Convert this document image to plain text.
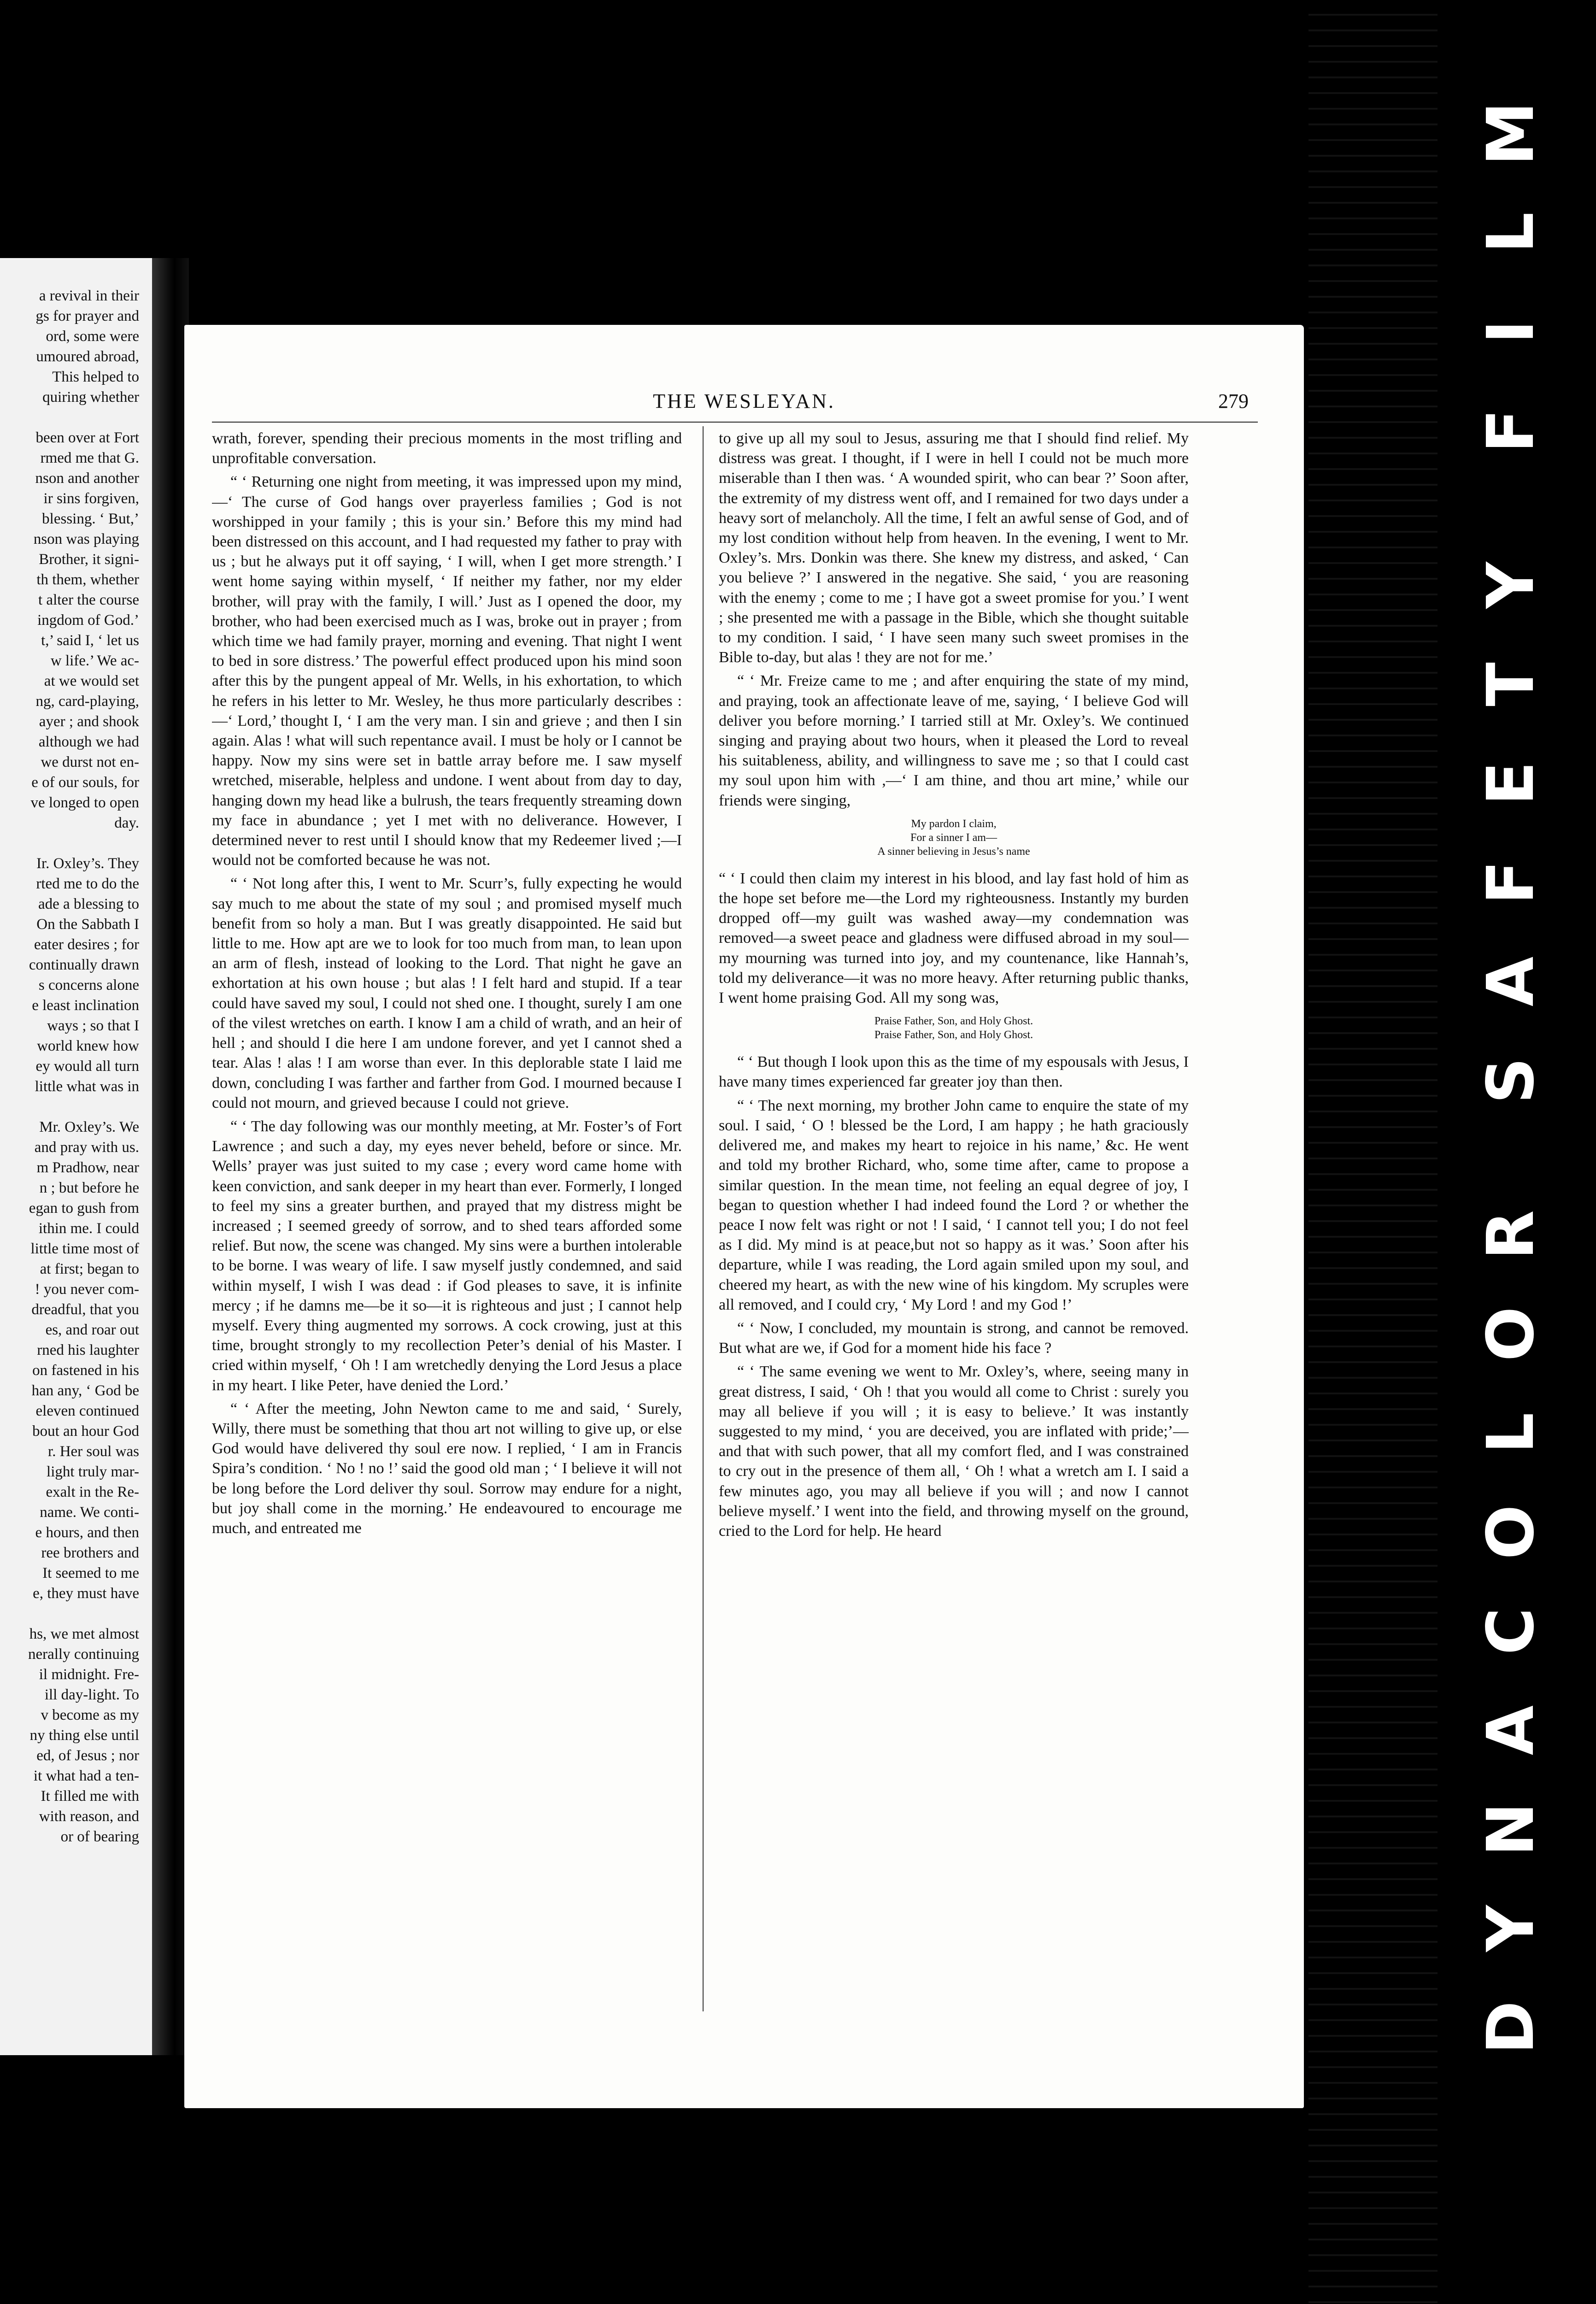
a revival in their
gs for prayer and
ord, some were
umoured abroad,
This helped to
quiring whether
been over at Fort
rmed me that G.
nson and another
ir sins forgiven,
blessing. ‘ But,’
nson was playing
Brother, it signi-
th them, whether
t alter the course
ingdom of God.’
t,’ said I, ‘ let us
w life.’ We ac-
at we would set
ng, card-playing,
ayer ; and shook
although we had
we durst not en-
e of our souls, for
ve longed to open
day.
Ir. Oxley’s. They
rted me to do the
ade a blessing to
On the Sabbath I
eater desires ; for
continually drawn
s concerns alone
e least inclination
ways ; so that I
world knew how
ey would all turn
little what was in
Mr. Oxley’s. We
and pray with us.
m Pradhow, near
n ; but before he
egan to gush from
ithin me. I could
little time most of
at first; began to
! you never com-
dreadful, that you
es, and roar out
rned his laughter
on fastened in his
han any, ‘ God be
eleven continued
bout an hour God
r. Her soul was
light truly mar-
exalt in the Re-
name. We conti-
e hours, and then
ree brothers and
It seemed to me
e, they must have
hs, we met almost
nerally continuing
il midnight. Fre-
ill day-light. To
v become as my
ny thing else until
ed, of Jesus ; nor
it what had a ten-
It filled me with
with reason, and
or of bearing
THE WESLEYAN.	279

wrath, forever, spending their precious moments in the most trifling and unprofitable conversation.

“ ‘ Returning one night from meeting, it was impressed upon my mind,—‘ The curse of God hangs over prayerless families ; God is not worshipped in your family ; this is your sin.’ Before this my mind had been distressed on this account, and I had requested my father to pray with us ; but he always put it off saying, ‘ I will, when I get more strength.’ I went home saying within myself, ‘ If neither my father, nor my elder brother, will pray with the family, I will.’ Just as I opened the door, my brother, who had been exercised much as I was, broke out in prayer ; from which time we had family prayer, morning and evening. That night I went to bed in sore distress.’ The powerful effect produced upon his mind soon after this by the pungent appeal of Mr. Wells, in his exhortation, to which he refers in his letter to Mr. Wesley, he thus more particularly describes :—‘ Lord,’ thought I, ‘ I am the very man. I sin and grieve ; and then I sin again. Alas ! what will such repentance avail. I must be holy or I cannot be happy. Now my sins were set in battle array before me. I saw myself wretched, miserable, helpless and undone. I went about from day to day, hanging down my head like a bulrush, the tears frequently streaming down my face in abundance ; yet I met with no deliverance. However, I determined never to rest until I should know that my Redeemer lived ;—I would not be comforted because he was not.

“ ‘ Not long after this, I went to Mr. Scurr’s, fully expecting he would say much to me about the state of my soul ; and promised myself much benefit from so holy a man. But I was greatly disappointed. He said but little to me. How apt are we to look for too much from man, to lean upon an arm of flesh, instead of looking to the Lord. That night he gave an exhortation at his own house ; but alas ! I felt hard and stupid. If a tear could have saved my soul, I could not shed one. I thought, surely I am one of the vilest wretches on earth. I know I am a child of wrath, and an heir of hell ; and should I die here I am undone forever, and yet I cannot shed a tear. Alas ! alas ! I am worse than ever. In this deplorable state I laid me down, concluding I was farther and farther from God. I mourned because I could not mourn, and grieved because I could not grieve.

“ ‘ The day following was our monthly meeting, at Mr. Foster’s of Fort Lawrence ; and such a day, my eyes never beheld, before or since. Mr. Wells’ prayer was just suited to my case ; every word came home with keen conviction, and sank deeper in my heart than ever. Formerly, I longed to feel my sins a greater burthen, and prayed that my distress might be increased ; I seemed greedy of sorrow, and to shed tears afforded some relief. But now, the scene was changed. My sins were a burthen intolerable to be borne. I was weary of life. I saw myself justly condemned, and said within myself, I wish I was dead : if God pleases to save, it is infinite mercy ; if he damns me—be it so—it is righteous and just ; I cannot help myself. Every thing augmented my sorrows. A cock crowing, just at this time, brought strongly to my recollection Peter’s denial of his Master. I cried within myself, ‘ Oh ! I am wretchedly denying the Lord Jesus a place in my heart. I like Peter, have denied the Lord.’

“ ‘ After the meeting, John Newton came to me and said, ‘ Surely, Willy, there must be something that thou art not willing to give up, or else God would have delivered thy soul ere now. I replied, ‘ I am in Francis Spira’s condition. ‘ No ! no !’ said the good old man ; ‘ I believe it will not be long before the Lord deliver thy soul. Sorrow may endure for a night, but joy shall come in the morning.’ He endeavoured to encourage me much, and entreated me

to give up all my soul to Jesus, assuring me that I should find relief. My distress was great. I thought, if I were in hell I could not be much more miserable than I then was. ‘ A wounded spirit, who can bear ?’ Soon after, the extremity of my distress went off, and I remained for two days under a heavy sort of melancholy. All the time, I felt an awful sense of God, and of my lost condition without help from heaven. In the evening, I went to Mr. Oxley’s. Mrs. Donkin was there. She knew my distress, and asked, ‘ Can you believe ?’ I answered in the negative. She said, ‘ you are reasoning with the enemy ; come to me ; I have got a sweet promise for you.’ I went ; she presented me with a passage in the Bible, which she thought suitable to my condition. I said, ‘ I have seen many such sweet promises in the Bible to-day, but alas ! they are not for me.’

“ ‘ Mr. Freize came to me ; and after enquiring the state of my mind, and praying, took an affectionate leave of me, saying, ‘ I believe God will deliver you before morning.’ I tarried still at Mr. Oxley’s. We continued singing and praying about two hours, when it pleased the Lord to reveal his suitableness, ability, and willingness to save me ; so that I could cast my soul upon him with ,—‘ I am thine, and thou art mine,’ while our friends were singing,

My pardon I claim,
For a sinner I am—
A sinner believing in Jesus’s name

“ ‘ I could then claim my interest in his blood, and lay fast hold of him as the hope set before me—the Lord my righteousness. Instantly my burden dropped off—my guilt was washed away—my condemnation was removed—a sweet peace and gladness were diffused abroad in my soul—my mourning was turned into joy, and my countenance, like Hannah’s, told my deliverance—it was no more heavy. After returning public thanks, I went home praising God. All my song was,

Praise Father, Son, and Holy Ghost.
Praise Father, Son, and Holy Ghost.

“ ‘ But though I look upon this as the time of my espousals with Jesus, I have many times experienced far greater joy than then.

“ ‘ The next morning, my brother John came to enquire the state of my soul. I said, ‘ O ! blessed be the Lord, I am happy ; he hath graciously delivered me, and makes my heart to rejoice in his name,’ &c. He went and told my brother Richard, who, some time after, came to propose a similar question. In the mean time, not feeling an equal degree of joy, I began to question whether I had indeed found the Lord ? or whether the peace I now felt was right or not ! I said, ‘ I cannot tell you; I do not feel as I did. My mind is at peace,but not so happy as it was.’ Soon after his departure, while I was reading, the Lord again smiled upon my soul, and cheered my heart, as with the new wine of his kingdom. My scruples were all removed, and I could cry, ‘ My Lord ! and my God !’

“ ‘ Now, I concluded, my mountain is strong, and cannot be removed. But what are we, if God for a moment hide his face ?

“ ‘ The same evening we went to Mr. Oxley’s, where, seeing many in great distress, I said, ‘ Oh ! that you would all come to Christ : surely you may all believe if you will ; it is easy to believe.’ It was instantly suggested to my mind, ‘ you are deceived, you are inflated with pride;’—and that with such power, that all my comfort fled, and I was constrained to cry out in the presence of them all, ‘ Oh ! what a wretch am I. I said a few minutes ago, you may all believe if you will ; and now I cannot believe myself.’ I went into the field, and throwing myself on the ground, cried to the Lord for help. He heard

M
L
I
F
Y
T
E
F
A
S
R
O
L
O
C
A
N
Y
D
